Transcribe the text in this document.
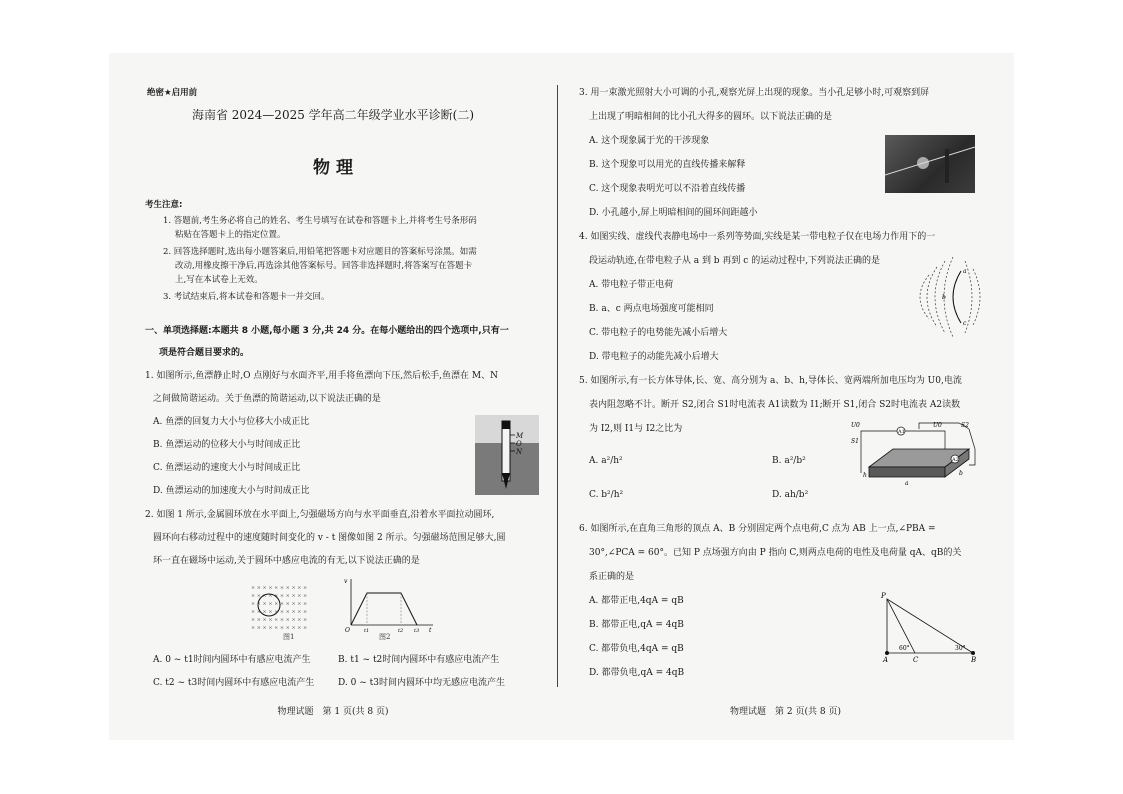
绝密★启用前
海南省 2024—2025 学年高二年级学业水平诊断(二)
物 理
考生注意:
1. 答题前,考生务必将自己的姓名、考生号填写在试卷和答题卡上,并将考生号条形码
粘贴在答题卡上的指定位置。
2. 回答选择题时,选出每小题答案后,用铅笔把答题卡对应题目的答案标号涂黑。如需
改动,用橡皮擦干净后,再选涂其他答案标号。回答非选择题时,将答案写在答题卡
上,写在本试卷上无效。
3. 考试结束后,将本试卷和答题卡一并交回。
一、单项选择题:本题共 8 小题,每小题 3 分,共 24 分。在每小题给出的四个选项中,只有一
项是符合题目要求的。
1. 如图所示,鱼漂静止时,O 点刚好与水面齐平,用手将鱼漂向下压,然后松手,鱼漂在 M、N
之间做简谐运动。关于鱼漂的简谐运动,以下说法正确的是
A. 鱼漂的回复力大小与位移大小成正比
B. 鱼漂运动的位移大小与时间成正比
C. 鱼漂运动的速度大小与时间成正比
D. 鱼漂运动的加速度大小与时间成正比
M
O
N
2. 如图 1 所示,金属圆环放在水平面上,匀强磁场方向与水平面垂直,沿着水平面拉动圆环,
圆环向右移动过程中的速度随时间变化的 v - t 图像如图 2 所示。匀强磁场范围足够大,圆
环一直在磁场中运动,关于圆环中感应电流的有无,以下说法正确的是
× × × × × × × × × ×
× × × × × × × × × ×
× × × × × × × × × ×
× × × × × × × × × ×
× × × × × × × × × ×
× × × × × × × × × ×
图1
v
O	t1	t2 t3 t
图2
A. 0 ~ t1时间内圆环中有感应电流产生	B. t1 ~ t2时间内圆环中有感应电流产生
C. t2 ~ t3时间内圆环中有感应电流产生	D. 0 ~ t3时间内圆环中均无感应电流产生
物理试题　第 1 页(共 8 页)
3. 用一束激光照射大小可调的小孔,观察光屏上出现的现象。当小孔足够小时,可观察到屏
上出现了明暗相间的比小孔大得多的圆环。以下说法正确的是
A. 这个现象属于光的干涉现象
B. 这个现象可以用光的直线传播来解释
C. 这个现象表明光可以不沿着直线传播
D. 小孔越小,屏上明暗相间的圆环间距越小
4. 如图实线、虚线代表静电场中一系列等势面,实线是某一带电粒子仅在电场力作用下的一
段运动轨迹,在带电粒子从 a 到 b 再到 c 的运动过程中,下列说法正确的是
A. 带电粒子带正电荷
B. a、c 两点电场强度可能相同
C. 带电粒子的电势能先减小后增大
D. 带电粒子的动能先减小后增大
a
b
c
5. 如图所示,有一长方体导体,长、宽、高分别为 a、b、h,导体长、宽两端所加电压均为 U0,电流
表内阻忽略不计。断开 S2,闭合 S1时电流表 A1读数为 I1;断开 S1,闭合 S2时电流表 A2读数
为 I2,则 I1与 I2之比为
A. a²/h²	B. a²/b²
C. b²/h²	D. ah/b²
U0
S1
A1
U0	S2
A2
h
a
b
6. 如图所示,在直角三角形的顶点 A、B 分别固定两个点电荷,C 点为 AB 上一点,∠PBA =
30°,∠PCA = 60°。已知 P 点场强方向由 P 指向 C,则两点电荷的电性及电荷量 qA、qB的关
系正确的是
A. 都带正电,4qA = qB
B. 都带正电,qA = 4qB
C. 都带负电,4qA = qB
D. 都带负电,qA = 4qB
P
A	C	B
60°	30°
物理试题　第 2 页(共 8 页)
